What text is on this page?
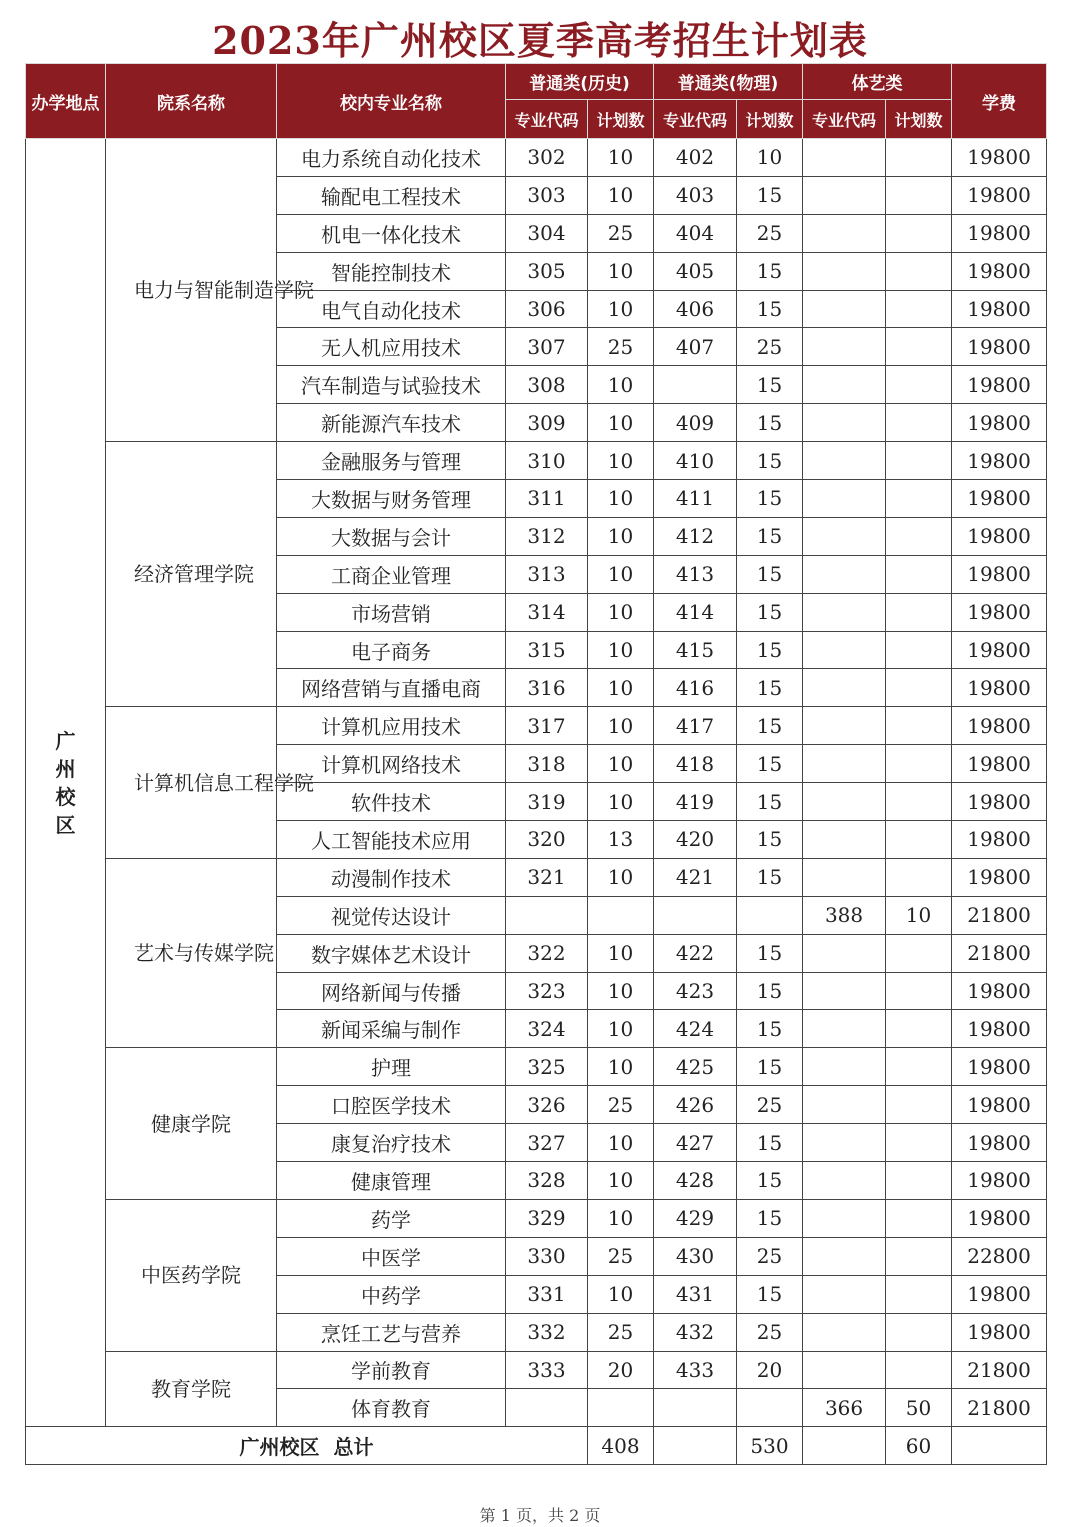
2023年广州校区夏季高考招生计划表
办学地点	院系名称	校内专业名称	普通类(历史)		普通类(物理)		体艺类		学费
			专业代码	计划数	专业代码	计划数	专业代码	计划数	
广州校区	电力与智能制造学院	电力系统自动化技术	302	10	402	10			19800
		输配电工程技术	303	10	403	15			19800
		机电一体化技术	304	25	404	25			19800
		智能控制技术	305	10	405	15			19800
		电气自动化技术	306	10	406	15			19800
		无人机应用技术	307	25	407	25			19800
		汽车制造与试验技术	308	10		15			19800
		新能源汽车技术	309	10	409	15			19800
	经济管理学院	金融服务与管理	310	10	410	15			19800
		大数据与财务管理	311	10	411	15			19800
		大数据与会计	312	10	412	15			19800
		工商企业管理	313	10	413	15			19800
		市场营销	314	10	414	15			19800
		电子商务	315	10	415	15			19800
		网络营销与直播电商	316	10	416	15			19800
	计算机信息工程学院	计算机应用技术	317	10	417	15			19800
		计算机网络技术	318	10	418	15			19800
		软件技术	319	10	419	15			19800
		人工智能技术应用	320	13	420	15			19800
	艺术与传媒学院	动漫制作技术	321	10	421	15			19800
		视觉传达设计					388	10	21800
		数字媒体艺术设计	322	10	422	15			21800
		网络新闻与传播	323	10	423	15			19800
		新闻采编与制作	324	10	424	15			19800
	健康学院	护理	325	10	425	15			19800
		口腔医学技术	326	25	426	25			19800
		康复治疗技术	327	10	427	15			19800
		健康管理	328	10	428	15			19800
	中医药学院	药学	329	10	429	15			19800
		中医学	330	25	430	25			22800
		中药学	331	10	431	15			19800
		烹饪工艺与营养	332	25	432	25			19800
	教育学院	学前教育	333	20	433	20			21800
		体育教育					366	50	21800
广州校区  总计				408		530		60	
第 1 页，共 2 页
